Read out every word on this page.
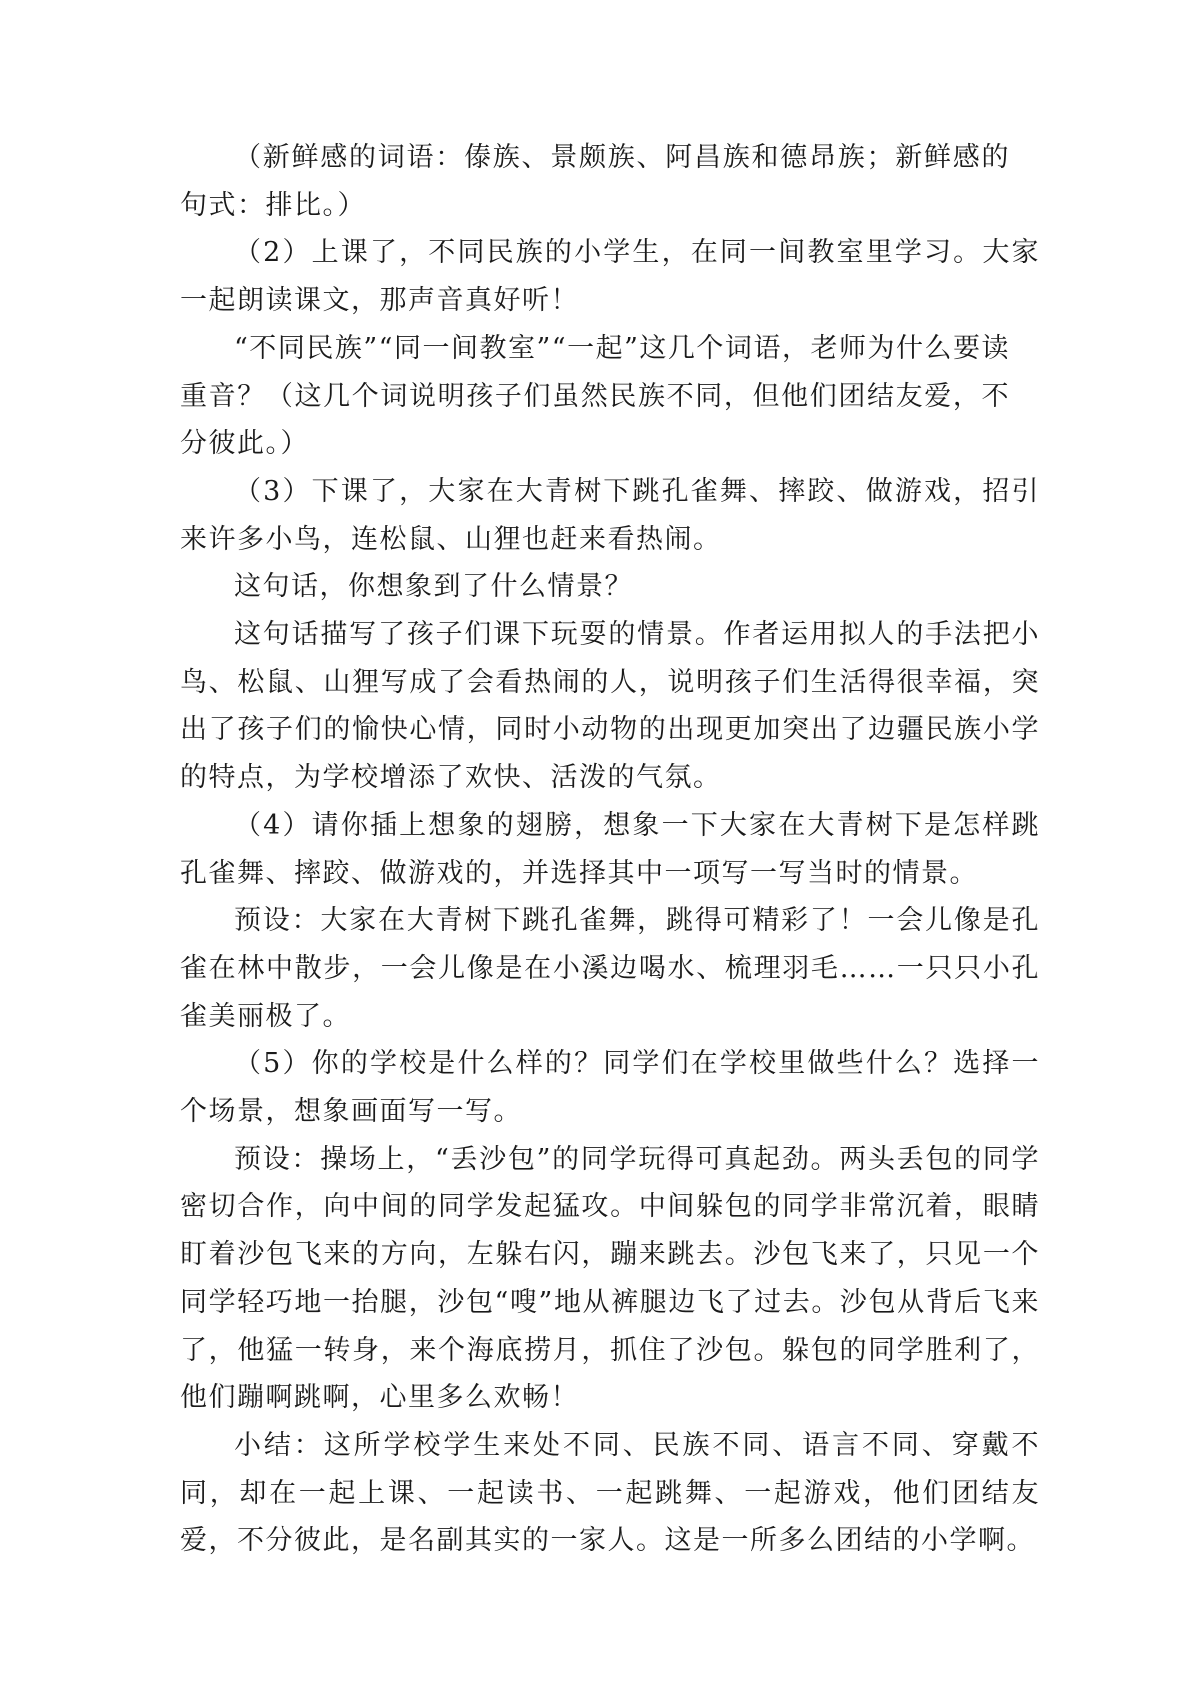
（新鲜感的词语：傣族、景颇族、阿昌族和德昂族；新鲜感的句式：排比。）

（2）上课了，不同民族的小学生，在同一间教室里学习。大家一起朗读课文，那声音真好听！

“不同民族”“同一间教室”“一起”这几个词语，老师为什么要读重音？（这几个词说明孩子们虽然民族不同，但他们团结友爱，不分彼此。）

（3）下课了，大家在大青树下跳孔雀舞、摔跤、做游戏，招引来许多小鸟，连松鼠、山狸也赶来看热闹。

这句话，你想象到了什么情景？

这句话描写了孩子们课下玩耍的情景。作者运用拟人的手法把小鸟、松鼠、山狸写成了会看热闹的人，说明孩子们生活得很幸福，突出了孩子们的愉快心情，同时小动物的出现更加突出了边疆民族小学的特点，为学校增添了欢快、活泼的气氛。

（4）请你插上想象的翅膀，想象一下大家在大青树下是怎样跳孔雀舞、摔跤、做游戏的，并选择其中一项写一写当时的情景。

预设：大家在大青树下跳孔雀舞，跳得可精彩了！一会儿像是孔雀在林中散步，一会儿像是在小溪边喝水、梳理羽毛……一只只小孔雀美丽极了。

（5）你的学校是什么样的？同学们在学校里做些什么？选择一个场景，想象画面写一写。

预设：操场上，“丢沙包”的同学玩得可真起劲。两头丢包的同学密切合作，向中间的同学发起猛攻。中间躲包的同学非常沉着，眼睛盯着沙包飞来的方向，左躲右闪，蹦来跳去。沙包飞来了，只见一个同学轻巧地一抬腿，沙包“嗖”地从裤腿边飞了过去。沙包从背后飞来了，他猛一转身，来个海底捞月，抓住了沙包。躲包的同学胜利了，他们蹦啊跳啊，心里多么欢畅！

小结：这所学校学生来处不同、民族不同、语言不同、穿戴不同，却在一起上课、一起读书、一起跳舞、一起游戏，他们团结友爱，不分彼此，是名副其实的一家人。这是一所多么团结的小学啊。
